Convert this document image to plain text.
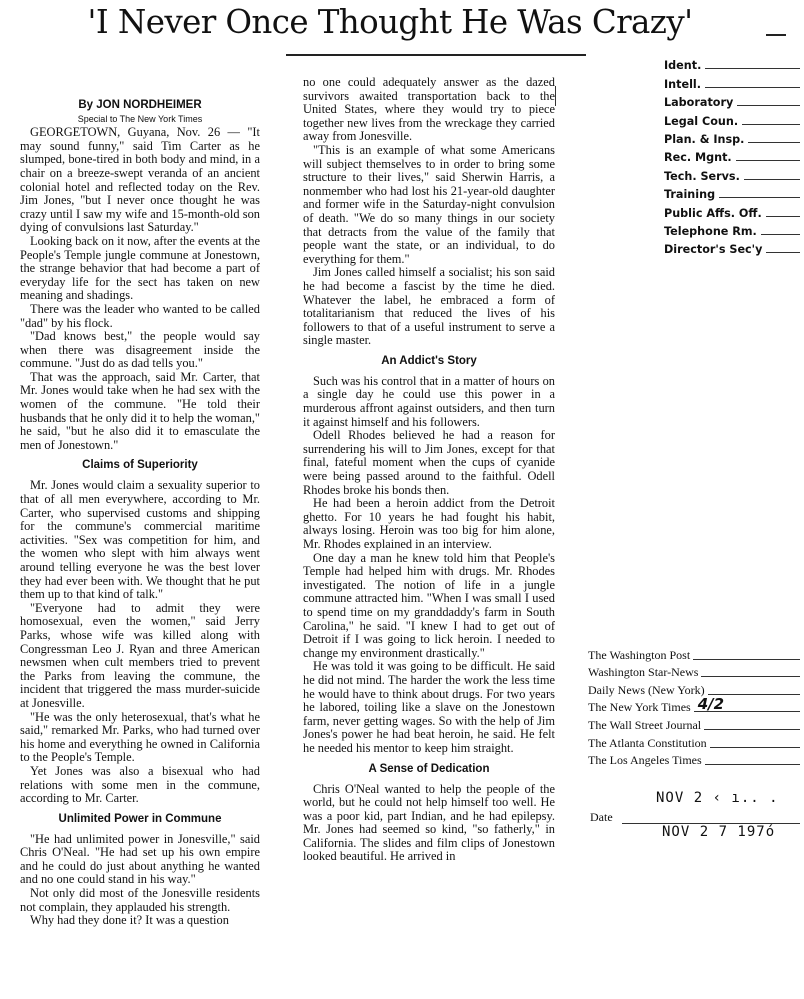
'I Never Once Thought He Was Crazy'

By JON NORDHEIMER

Special to The New York Times

GEORGETOWN, Guyana, Nov. 26 — "It may sound funny," said Tim Carter as he slumped, bone-tired in both body and mind, in a chair on a breeze-swept veranda of an ancient colonial hotel and reflected today on the Rev. Jim Jones, "but I never once thought he was crazy until I saw my wife and 15-month-old son dying of convulsions last Saturday."

Looking back on it now, after the events at the People's Temple jungle commune at Jonestown, the strange behavior that had become a part of everyday life for the sect has taken on new meaning and shadings.

There was the leader who wanted to be called "dad" by his flock.

"Dad knows best," the people would say when there was disagreement inside the commune. "Just do as dad tells you."

That was the approach, said Mr. Carter, that Mr. Jones would take when he had sex with the women of the commune. "He told their husbands that he only did it to help the woman," he said, "but he also did it to emasculate the men of Jonestown."

Claims of Superiority

Mr. Jones would claim a sexuality superior to that of all men everywhere, according to Mr. Carter, who supervised customs and shipping for the commune's commercial maritime activities. "Sex was competition for him, and the women who slept with him always went around telling everyone he was the best lover they had ever been with. We thought that he put them up to that kind of talk."

"Everyone had to admit they were homosexual, even the women," said Jerry Parks, whose wife was killed along with Congressman Leo J. Ryan and three American newsmen when cult members tried to prevent the Parks from leaving the commune, the incident that triggered the mass murder-suicide at Jonesville.

"He was the only heterosexual, that's what he said," remarked Mr. Parks, who had turned over his home and everything he owned in California to the People's Temple.

Yet Jones was also a bisexual who had relations with some men in the commune, according to Mr. Carter.

Unlimited Power in Commune

"He had unlimited power in Jonesville," said Chris O'Neal. "He had set up his own empire and he could do just about anything he wanted and no one could stand in his way."

Not only did most of the Jonesville residents not complain, they applauded his strength.

Why had they done it? It was a question

no one could adequately answer as the dazed survivors awaited transportation back to the United States, where they would try to piece together new lives from the wreckage they carried away from Jonesville.

"This is an example of what some Americans will subject themselves to in order to bring some structure to their lives," said Sherwin Harris, a nonmember who had lost his 21-year-old daughter and former wife in the Saturday-night convulsion of death. "We do so many things in our society that detracts from the value of the family that people want the state, or an individual, to do everything for them."

Jim Jones called himself a socialist; his son said he had become a fascist by the time he died. Whatever the label, he embraced a form of totalitarianism that reduced the lives of his followers to that of a useful instrument to serve a single master.

An Addict's Story

Such was his control that in a matter of hours on a single day he could use this power in a murderous affront against outsiders, and then turn it against himself and his followers.

Odell Rhodes believed he had a reason for surrendering his will to Jim Jones, except for that final, fateful moment when the cups of cyanide were being passed around to the faithful. Odell Rhodes broke his bonds then.

He had been a heroin addict from the Detroit ghetto. For 10 years he had fought his habit, always losing. Heroin was too big for him alone, Mr. Rhodes explained in an interview.

One day a man he knew told him that People's Temple had helped him with drugs. Mr. Rhodes investigated. The notion of life in a jungle commune attracted him. "When I was small I used to spend time on my granddaddy's farm in South Carolina," he said. "I knew I had to get out of Detroit if I was going to lick heroin. I needed to change my environment drastically."

He was told it was going to be difficult. He said he did not mind. The harder the work the less time he would have to think about drugs. For two years he labored, toiling like a slave on the Jonestown farm, never getting wages. So with the help of Jim Jones's power he had beat heroin, he said. He felt he needed his mentor to keep him straight.

A Sense of Dedication

Chris O'Neal wanted to help the people of the world, but he could not help himself too well. He was a poor kid, part Indian, and he had epilepsy. Mr. Jones had seemed so kind, "so fatherly," in California. The slides and film clips of Jonestown looked beautiful. He arrived in

Ident.
Intell.
Laboratory
Legal Coun.
Plan. & Insp.
Rec. Mgnt.
Tech. Servs.
Training
Public Affs. Off.
Telephone Rm.
Director's Sec'y
The Washington Post
Washington Star-News
Daily News (New York)
The New York Times 4/2
The Wall Street Journal
The Atlanta Constitution
The Los Angeles Times
NOV 2 ‹ ı.. .
Date
NOV 2 7 197ó
